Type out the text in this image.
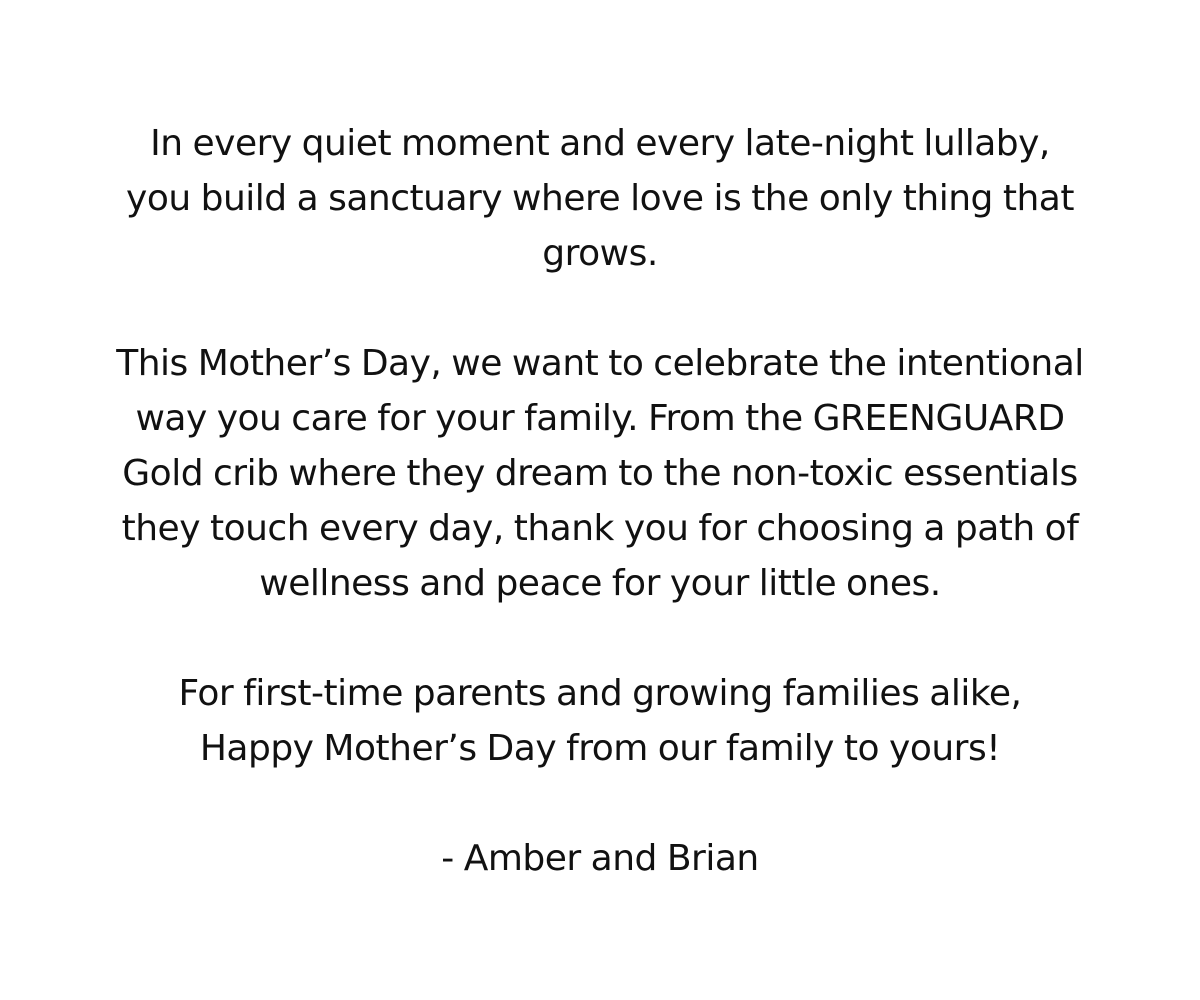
In every quiet moment and every late-night lullaby,
you build a sanctuary where love is the only thing that
grows.

This Mother’s Day, we want to celebrate the intentional
way you care for your family. From the GREENGUARD
Gold crib where they dream to the non-toxic essentials
they touch every day, thank you for choosing a path of
wellness and peace for your little ones.

For first-time parents and growing families alike,
Happy Mother’s Day from our family to yours!

- Amber and Brian
